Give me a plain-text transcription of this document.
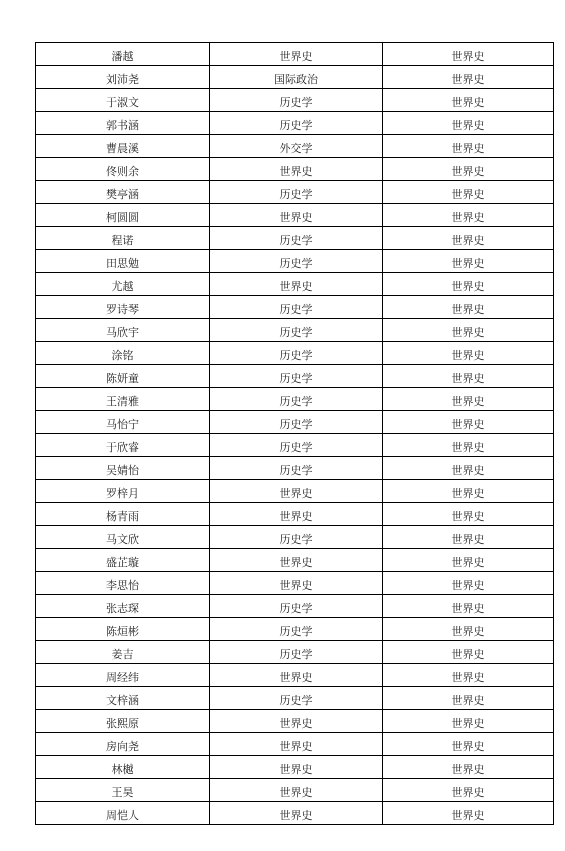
潘越	世界史	世界史
刘沛尧	国际政治	世界史
于淑文	历史学	世界史
郭书涵	历史学	世界史
曹晨溪	外交学	世界史
佟则余	世界史	世界史
樊亭涵	历史学	世界史
柯圆圆	世界史	世界史
程诺	历史学	世界史
田思勉	历史学	世界史
尤越	世界史	世界史
罗诗琴	历史学	世界史
马欣宇	历史学	世界史
涂铭	历史学	世界史
陈妍童	历史学	世界史
王清雅	历史学	世界史
马怡宁	历史学	世界史
于欣睿	历史学	世界史
吴婧怡	历史学	世界史
罗梓月	世界史	世界史
杨青雨	世界史	世界史
马文欣	历史学	世界史
盛芷璇	世界史	世界史
李思怡	世界史	世界史
张志琛	历史学	世界史
陈烜彬	历史学	世界史
姜吉	历史学	世界史
周经纬	世界史	世界史
文梓涵	历史学	世界史
张熙原	世界史	世界史
房向尧	世界史	世界史
林樾	世界史	世界史
王昊	世界史	世界史
周恺人	世界史	世界史
